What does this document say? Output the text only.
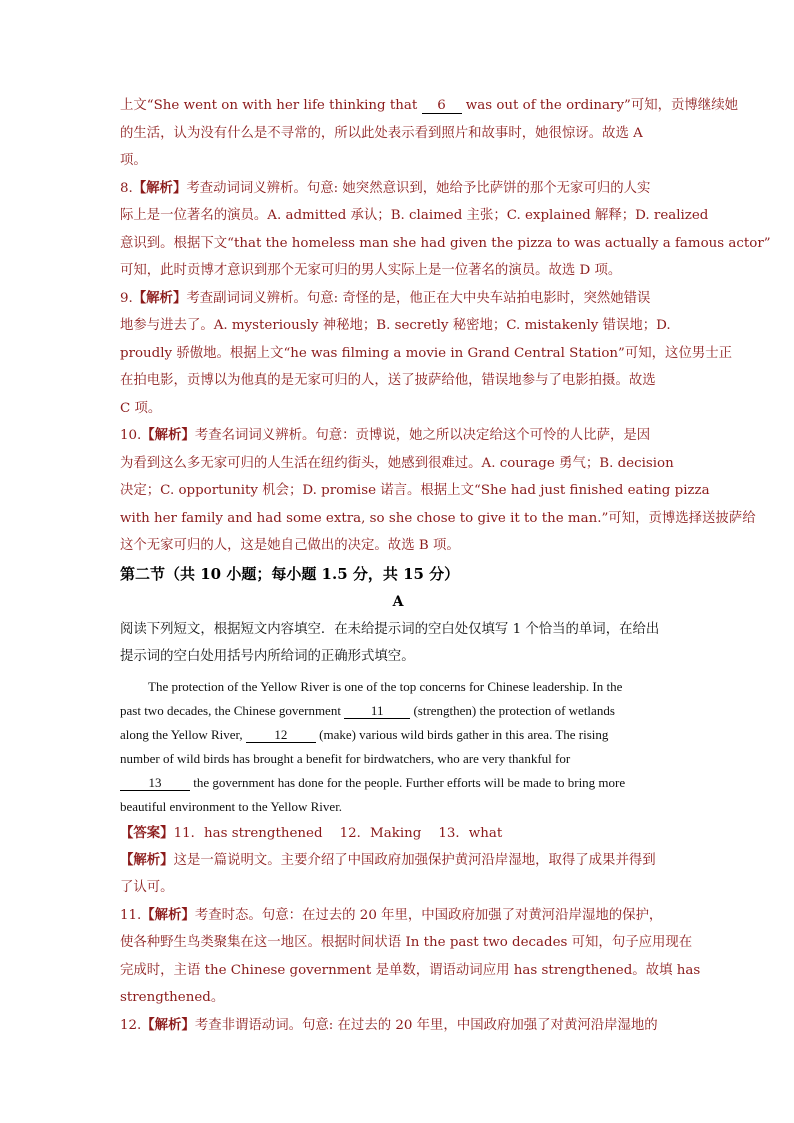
上文“She went on with her life thinking that 6 was out of the ordinary”可知，贡博继续她
的生活，认为没有什么是不寻常的，所以此处表示看到照片和故事时，她很惊讶。故选 A
项。
8.【解析】考查动词词义辨析。句意: 她突然意识到，她给予比萨饼的那个无家可归的人实
际上是一位著名的演员。A. admitted 承认；B. claimed 主张；C. explained 解释；D. realized
意识到。根据下文“that the homeless man she had given the pizza to was actually a famous actor”
可知，此时贡博才意识到那个无家可归的男人实际上是一位著名的演员。故选 D 项。
9.【解析】考查副词词义辨析。句意: 奇怪的是，他正在大中央车站拍电影时，突然她错误
地参与进去了。A. mysteriously 神秘地；B. secretly 秘密地；C. mistakenly 错误地；D.
proudly 骄傲地。根据上文“he was filming a movie in Grand Central Station”可知，这位男士正
在拍电影，贡博以为他真的是无家可归的人，送了披萨给他，错误地参与了电影拍摄。故选
C 项。
10.【解析】考查名词词义辨析。句意：贡博说，她之所以决定给这个可怜的人比萨，是因
为看到这么多无家可归的人生活在纽约街头，她感到很难过。A. courage 勇气；B. decision
决定；C. opportunity 机会；D. promise 诺言。根据上文“She had just finished eating pizza
with her family and had some extra, so she chose to give it to the man.”可知，贡博选择送披萨给
这个无家可归的人，这是她自己做出的决定。故选 B 项。
第二节（共 10 小题；每小题 1.5 分，共 15 分）
A
阅读下列短文，根据短文内容填空．在未给提示词的空白处仅填写 1 个恰当的单词，在给出
提示词的空白处用括号内所给词的正确形式填空。
The protection of the Yellow River is one of the top concerns for Chinese leadership. In the
past two decades, the Chinese government 11 (strengthen) the protection of wetlands
along the Yellow River, 12 (make) various wild birds gather in this area. The rising
number of wild birds has brought a benefit for birdwatchers, who are very thankful for
13 the government has done for the people. Further efforts will be made to bring more
beautiful environment to the Yellow River.
【答案】11．has strengthened    12．Making    13．what
【解析】这是一篇说明文。主要介绍了中国政府加强保护黄河沿岸湿地，取得了成果并得到
了认可。
11.【解析】考查时态。句意：在过去的 20 年里，中国政府加强了对黄河沿岸湿地的保护，
使各种野生鸟类聚集在这一地区。根据时间状语 In the past two decades 可知，句子应用现在
完成时，主语 the Chinese government 是单数，谓语动词应用 has strengthened。故填 has
strengthened。
12.【解析】考查非谓语动词。句意: 在过去的 20 年里，中国政府加强了对黄河沿岸湿地的
